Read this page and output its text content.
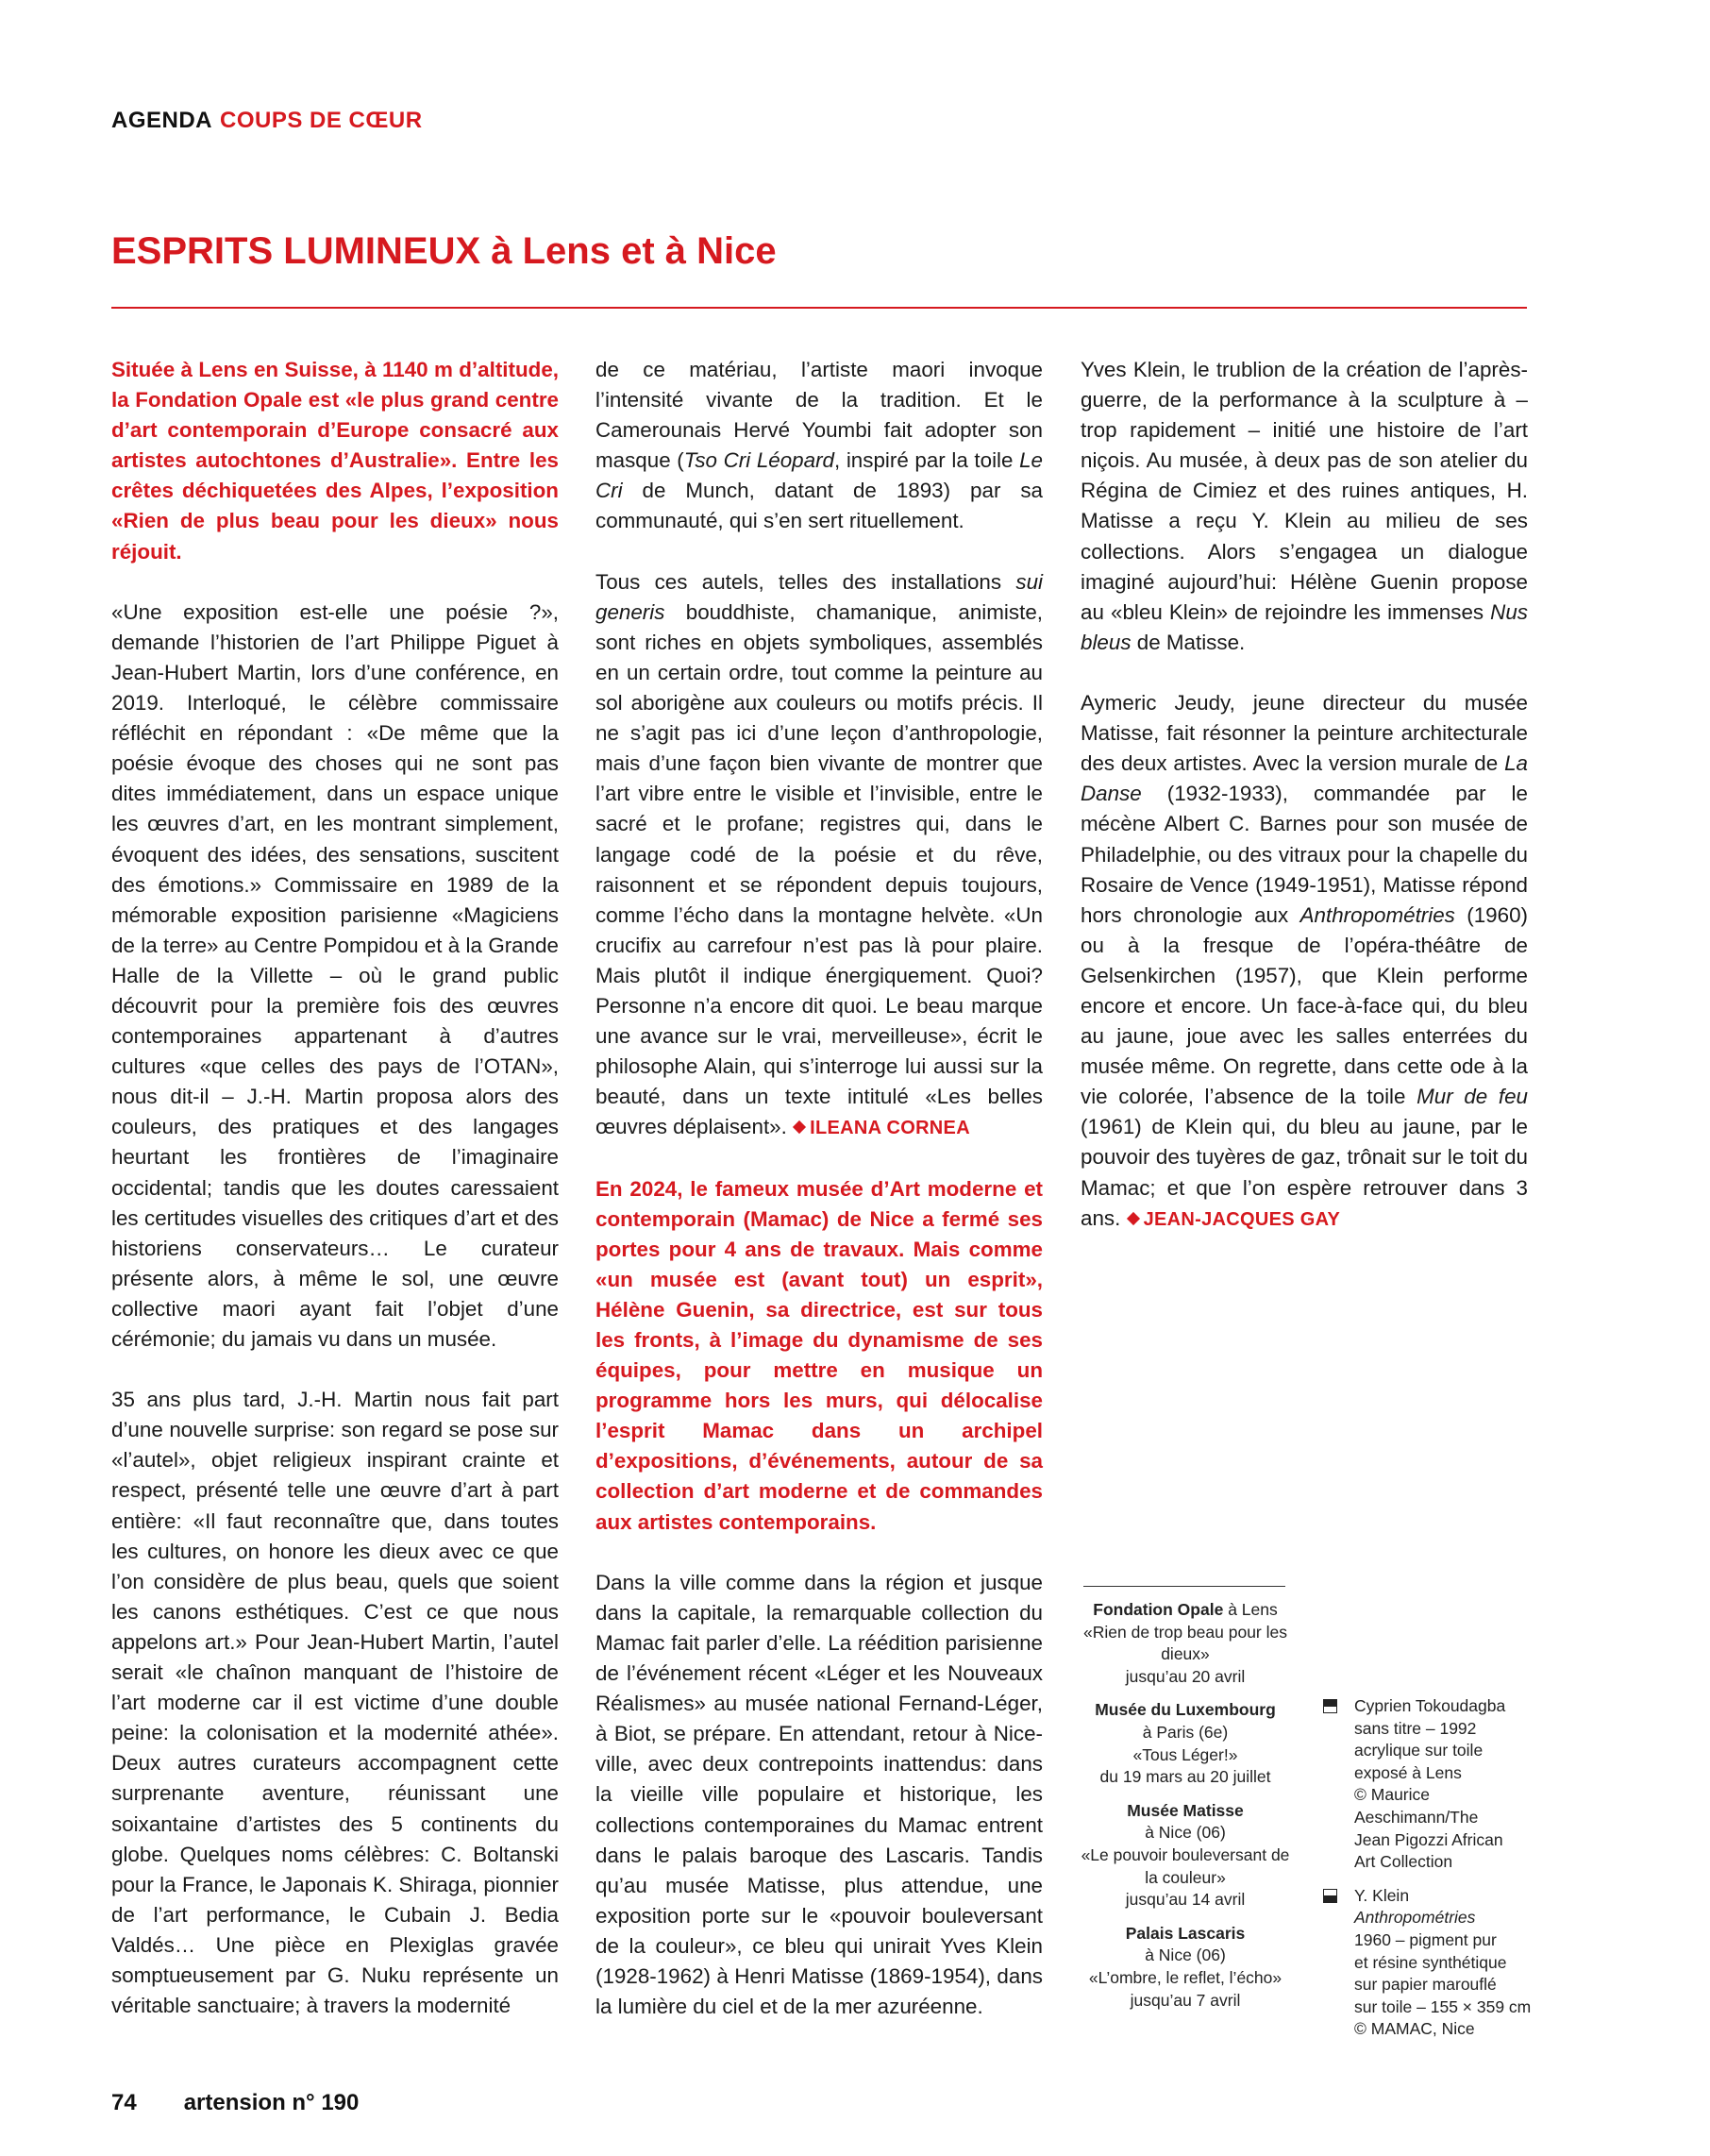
AGENDA COUPS DE CŒUR
ESPRITS LUMINEUX à Lens et à Nice

Située à Lens en Suisse, à 1140 m d’altitude, la Fondation Opale est «le plus grand centre d’art contemporain d’Europe consacré aux artistes autochtones d’Australie». Entre les crêtes déchiquetées des Alpes, l’exposition «Rien de plus beau pour les dieux» nous réjouit.

«Une exposition est-elle une poésie ?», demande l’historien de l’art Philippe Piguet à Jean-Hubert Martin, lors d’une conférence, en 2019. Interloqué, le célèbre commissaire réfléchit en répondant : «De même que la poésie évoque des choses qui ne sont pas dites immédiatement, dans un espace unique les œuvres d’art, en les montrant simplement, évoquent des idées, des sensations, suscitent des émotions.» Commissaire en 1989 de la mémorable exposition parisienne «Magiciens de la terre» au Centre Pompidou et à la Grande Halle de la Villette – où le grand public découvrit pour la première fois des œuvres contemporaines appartenant à d’autres cultures «que celles des pays de l’OTAN», nous dit-il – J.-H. Martin proposa alors des couleurs, des pratiques et des langages heurtant les frontières de l’imaginaire occidental; tandis que les doutes caressaient les certitudes visuelles des critiques d’art et des historiens conservateurs… Le curateur présente alors, à même le sol, une œuvre collective maori ayant fait l’objet d’une cérémonie; du jamais vu dans un musée.

35 ans plus tard, J.-H. Martin nous fait part d’une nouvelle surprise: son regard se pose sur «l’autel», objet religieux inspirant crainte et respect, présenté telle une œuvre d’art à part entière: «Il faut reconnaître que, dans toutes les cultures, on honore les dieux avec ce que l’on considère de plus beau, quels que soient les canons esthétiques. C’est ce que nous appelons art.» Pour Jean-Hubert Martin, l’autel serait «le chaînon manquant de l’histoire de l’art moderne car il est victime d’une double peine: la colonisation et la modernité athée». Deux autres curateurs accompagnent cette surprenante aventure, réunissant une soixantaine d’artistes des 5 continents du globe. Quelques noms célèbres: C. Boltanski pour la France, le Japonais K. Shiraga, pionnier de l’art performance, le Cubain J. Bedia Valdés… Une pièce en Plexiglas gravée somptueusement par G. Nuku représente un véritable sanctuaire; à travers la modernité

de ce matériau, l’artiste maori invoque l’intensité vivante de la tradition. Et le Camerounais Hervé Youmbi fait adopter son masque (Tso Cri Léopard, inspiré par la toile Le Cri de Munch, datant de 1893) par sa communauté, qui s’en sert rituellement.

Tous ces autels, telles des installations sui generis bouddhiste, chamanique, animiste, sont riches en objets symboliques, assemblés en un certain ordre, tout comme la peinture au sol aborigène aux couleurs ou motifs précis. Il ne s’agit pas ici d’une leçon d’anthropologie, mais d’une façon bien vivante de montrer que l’art vibre entre le visible et l’invisible, entre le sacré et le profane; registres qui, dans le langage codé de la poésie et du rêve, raisonnent et se répondent depuis toujours, comme l’écho dans la montagne helvète. «Un crucifix au carrefour n’est pas là pour plaire. Mais plutôt il indique énergiquement. Quoi? Personne n’a encore dit quoi. Le beau marque une avance sur le vrai, merveilleuse», écrit le philosophe Alain, qui s’interroge lui aussi sur la beauté, dans un texte intitulé «Les belles œuvres déplaisent». ILEANA CORNEA

En 2024, le fameux musée d’Art moderne et contemporain (Mamac) de Nice a fermé ses portes pour 4 ans de travaux. Mais comme «un musée est (avant tout) un esprit», Hélène Guenin, sa directrice, est sur tous les fronts, à l’image du dynamisme de ses équipes, pour mettre en musique un programme hors les murs, qui délocalise l’esprit Mamac dans un archipel d’expositions, d’événements, autour de sa collection d’art moderne et de commandes aux artistes contemporains.

Dans la ville comme dans la région et jusque dans la capitale, la remarquable collection du Mamac fait parler d’elle. La réédition parisienne de l’événement récent «Léger et les Nouveaux Réalismes» au musée national Fernand-Léger, à Biot, se prépare. En attendant, retour à Nice-ville, avec deux contrepoints inattendus: dans la vieille ville populaire et historique, les collections contemporaines du Mamac entrent dans le palais baroque des Lascaris. Tandis qu’au musée Matisse, plus attendue, une exposition porte sur le «pouvoir bouleversant de la couleur», ce bleu qui unirait Yves Klein (1928-1962) à Henri Matisse (1869-1954), dans la lumière du ciel et de la mer azuréenne.

Yves Klein, le trublion de la création de l’après-guerre, de la performance à la sculpture à – trop rapidement – initié une histoire de l’art niçois. Au musée, à deux pas de son atelier du Régina de Cimiez et des ruines antiques, H. Matisse a reçu Y. Klein au milieu de ses collections. Alors s’engagea un dialogue imaginé aujourd’hui: Hélène Guenin propose au «bleu Klein» de rejoindre les immenses Nus bleus de Matisse.

Aymeric Jeudy, jeune directeur du musée Matisse, fait résonner la peinture architecturale des deux artistes. Avec la version murale de La Danse (1932-1933), commandée par le mécène Albert C. Barnes pour son musée de Philadelphie, ou des vitraux pour la chapelle du Rosaire de Vence (1949-1951), Matisse répond hors chronologie aux Anthropométries (1960) ou à la fresque de l’opéra-théâtre de Gelsenkirchen (1957), que Klein performe encore et encore. Un face-à-face qui, du bleu au jaune, joue avec les salles enterrées du musée même. On regrette, dans cette ode à la vie colorée, l’absence de la toile Mur de feu (1961) de Klein qui, du bleu au jaune, par le pouvoir des tuyères de gaz, trônait sur le toit du Mamac; et que l’on espère retrouver dans 3 ans. JEAN-JACQUES GAY

Fondation Opale à Lens
«Rien de trop beau pour les dieux»
jusqu’au 20 avril
Musée du Luxembourg
à Paris (6e)
«Tous Léger!»
du 19 mars au 20 juillet
Musée Matisse
à Nice (06)
«Le pouvoir bouleversant de la couleur»
jusqu’au 14 avril
Palais Lascaris
à Nice (06)
«L’ombre, le reflet, l’écho» jusqu’au 7 avril
Cyprien Tokoudagba
sans titre – 1992
acrylique sur toile
exposé à Lens
© Maurice
Aeschimann/The
Jean Pigozzi African
Art Collection
Y. Klein
Anthropométries
1960 – pigment pur
et résine synthétique
sur papier marouflé
sur toile – 155 × 359 cm
© MAMAC, Nice
74 artension n° 190
